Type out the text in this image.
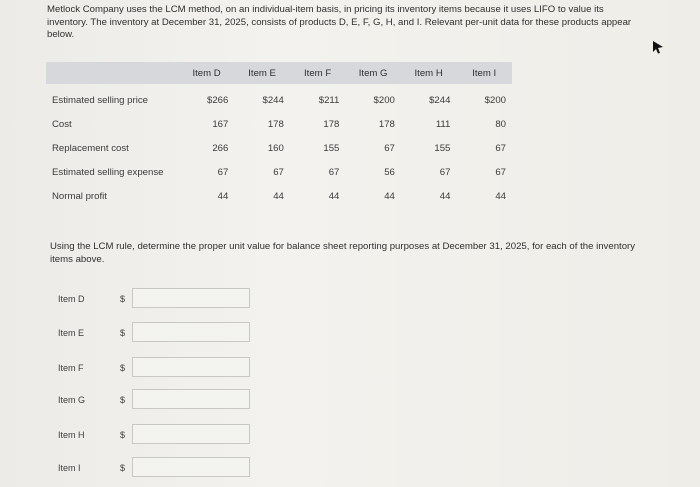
Metlock Company uses the LCM method, on an individual-item basis, in pricing its inventory items because it uses LIFO to value its inventory. The inventory at December 31, 2025, consists of products D, E, F, G, H, and I. Relevant per-unit data for these products appear below.
	Item D	Item E	Item F	Item G	Item H	Item I
Estimated selling price	$266	$244	$211	$200	$244	$200
Cost	167	178	178	178	111	80
Replacement cost	266	160	155	67	155	67
Estimated selling expense	67	67	67	56	67	67
Normal profit	44	44	44	44	44	44
Using the LCM rule, determine the proper unit value for balance sheet reporting purposes at December 31, 2025, for each of the inventory items above.
Item D	$
Item E	$
Item F	$
Item G	$
Item H	$
Item I	$
